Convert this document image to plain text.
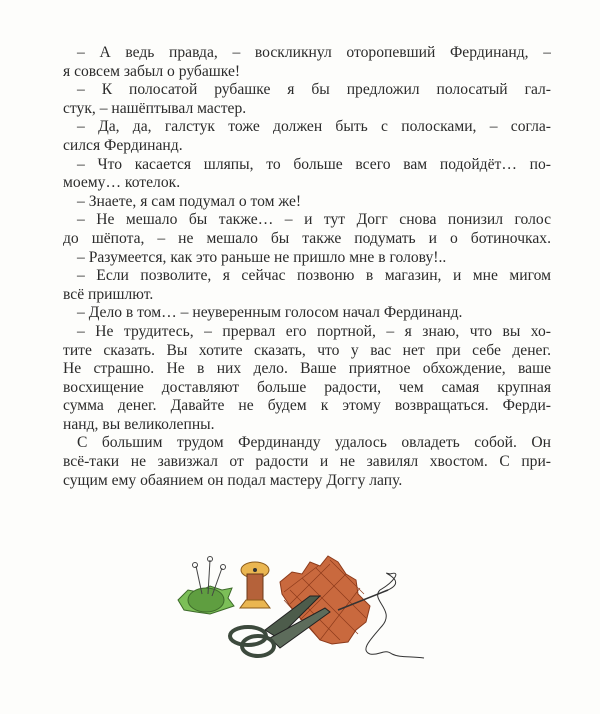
– А ведь правда, – воскликнул оторопевший Фердинанд, –
я совсем забыл о рубашке!
– К полосатой рубашке я бы предложил полосатый гал-
стук, – нашёптывал мастер.
– Да, да, галстук тоже должен быть с полосками, – согла-
сился Фердинанд.
– Что касается шляпы, то больше всего вам подойдёт… по-
моему… котелок.
– Знаете, я сам подумал о том же!
– Не мешало бы также… – и тут Догг снова понизил голос
до шёпота, – не мешало бы также подумать и о ботиночках.
– Разумеется, как это раньше не пришло мне в голову!..
– Если позволите, я сейчас позвоню в магазин, и мне мигом
всё пришлют.
– Дело в том… – неуверенным голосом начал Фердинанд.
– Не трудитесь, – прервал его портной, – я знаю, что вы хо-
тите сказать. Вы хотите сказать, что у вас нет при себе денег.
Не страшно. Не в них дело. Ваше приятное обхождение, ваше
восхищение доставляют больше радости, чем самая крупная
сумма денег. Давайте не будем к этому возвращаться. Ферди-
нанд, вы великолепны.
С большим трудом Фердинанду удалось овладеть собой. Он
всё-таки не завизжал от радости и не завилял хвостом. С при-
сущим ему обаянием он подал мастеру Доггу лапу.
